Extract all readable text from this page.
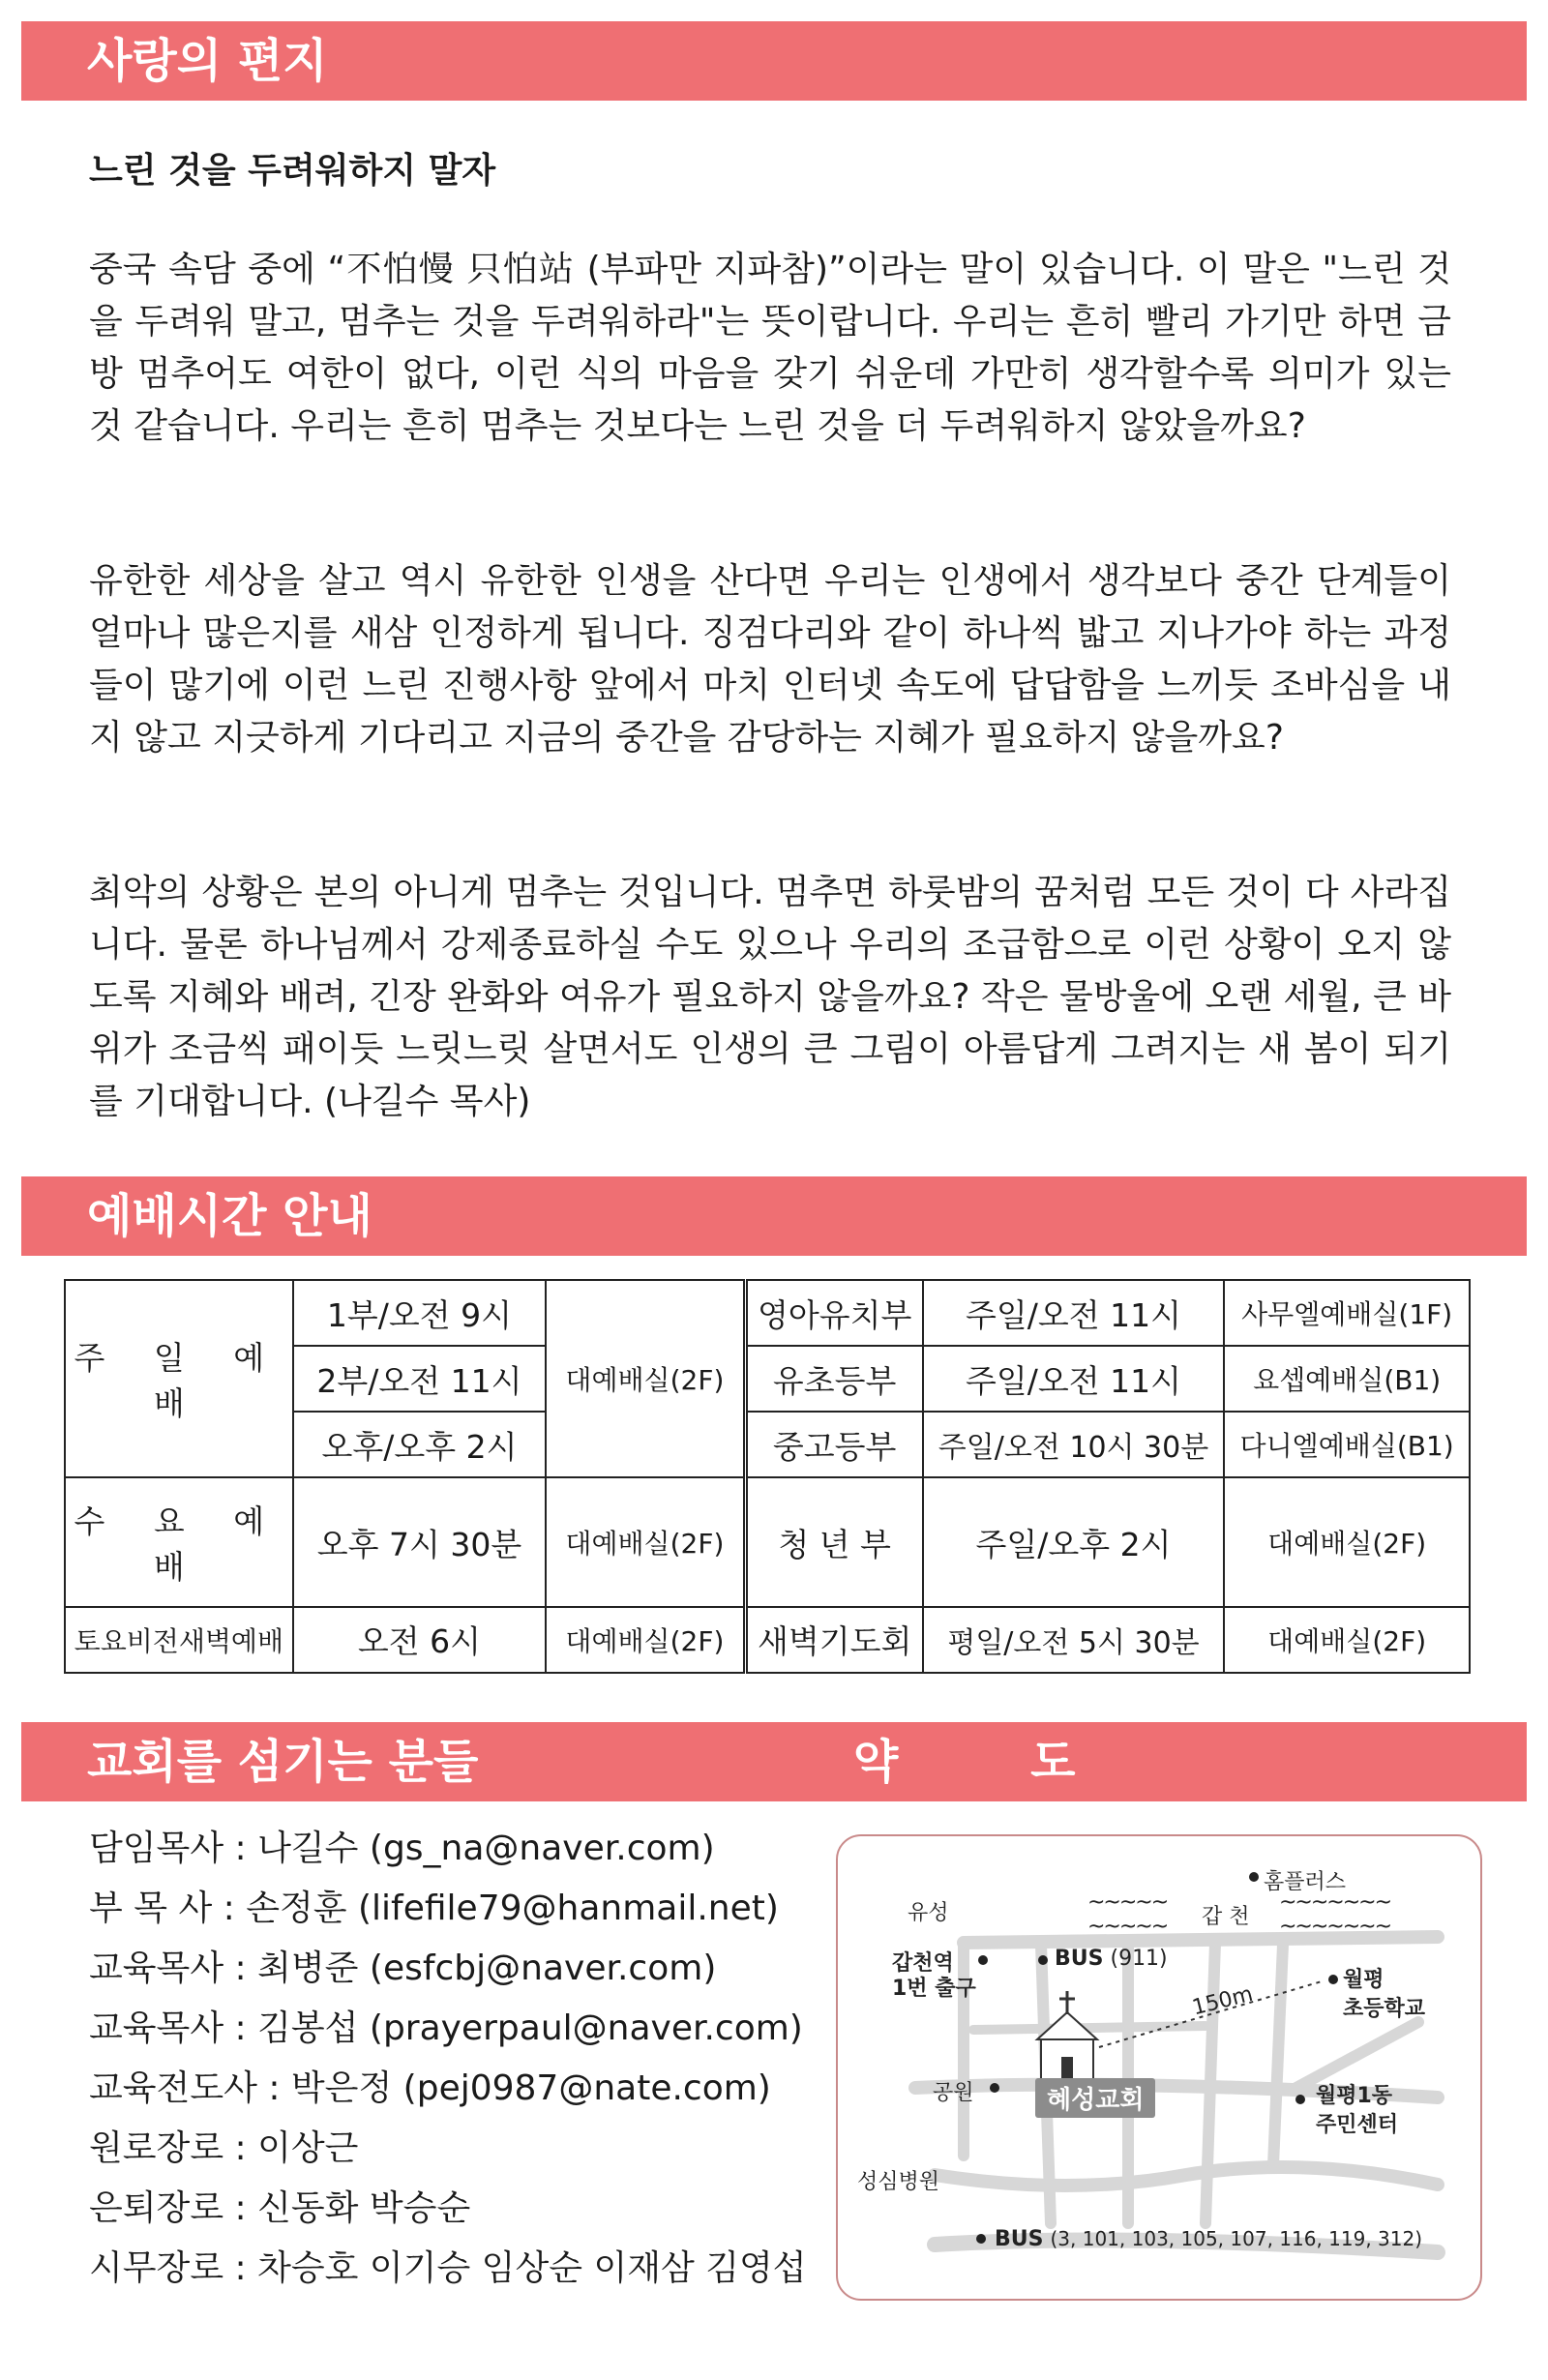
사랑의 편지
느린 것을 두려워하지 말자

중국 속담 중에 “不怕慢 只怕站 (부파만 지파참)”이라는 말이 있습니다. 이 말은 "느린 것을 두려워 말고, 멈추는 것을 두려워하라"는 뜻이랍니다. 우리는 흔히 빨리 가기만 하면 금방 멈추어도 여한이 없다, 이런 식의 마음을 갖기 쉬운데 가만히 생각할수록 의미가 있는 것 같습니다. 우리는 흔히 멈추는 것보다는 느린 것을 더 두려워하지 않았을까요?

유한한 세상을 살고 역시 유한한 인생을 산다면 우리는 인생에서 생각보다 중간 단계들이 얼마나 많은지를 새삼 인정하게 됩니다. 징검다리와 같이 하나씩 밟고 지나가야 하는 과정들이 많기에 이런 느린 진행사항 앞에서 마치 인터넷 속도에 답답함을 느끼듯 조바심을 내지 않고 지긋하게 기다리고 지금의 중간을 감당하는 지혜가 필요하지 않을까요?

최악의 상황은 본의 아니게 멈추는 것입니다. 멈추면 하룻밤의 꿈처럼 모든 것이 다 사라집니다. 물론 하나님께서 강제종료하실 수도 있으나 우리의 조급함으로 이런 상황이 오지 않도록 지혜와 배려, 긴장 완화와 여유가 필요하지 않을까요? 작은 물방울에 오랜 세월, 큰 바위가 조금씩 패이듯 느릿느릿 살면서도 인생의 큰 그림이 아름답게 그려지는 새 봄이 되기를 기대합니다. (나길수 목사)

예배시간 안내
주 일 예 배	1부/오전 9시	대예배실(2F)	영아유치부	주일/오전 11시	사무엘예배실(1F)
	2부/오전 11시		유초등부	주일/오전 11시	요셉예배실(B1)
	오후/오후 2시		중고등부	주일/오전 10시 30분	다니엘예배실(B1)
수 요 예 배	오후 7시 30분	대예배실(2F)	청 년 부	주일/오후 2시	대예배실(2F)
토요비전새벽예배	오전 6시	대예배실(2F)	새벽기도회	평일/오전 5시 30분	대예배실(2F)
교회를 섬기는 분들	약 도
담임목사 : 나길수 (gs_na@naver.com)
부 목 사 : 손정훈 (lifefile79@hanmail.net)
교육목사 : 최병준 (esfcbj@naver.com)
교육목사 : 김봉섭 (prayerpaul@naver.com)
교육전도사 : 박은정 (pej0987@nate.com)
원로장로 : 이상근
은퇴장로 : 신동화 박승순
시무장로 : 차승호 이기승 임상순 이재삼 김영섭
홈플러스
유성	~~~~~
~~~~~ 갑 천
~~~~~~~
~~~~~~~
갑천역
1번 출구
BUS (911)
월평
초등학교
150m
공원	혜성교회	월평1동
주민센터
성심병원
BUS (3, 101, 103, 105, 107, 116, 119, 312)
